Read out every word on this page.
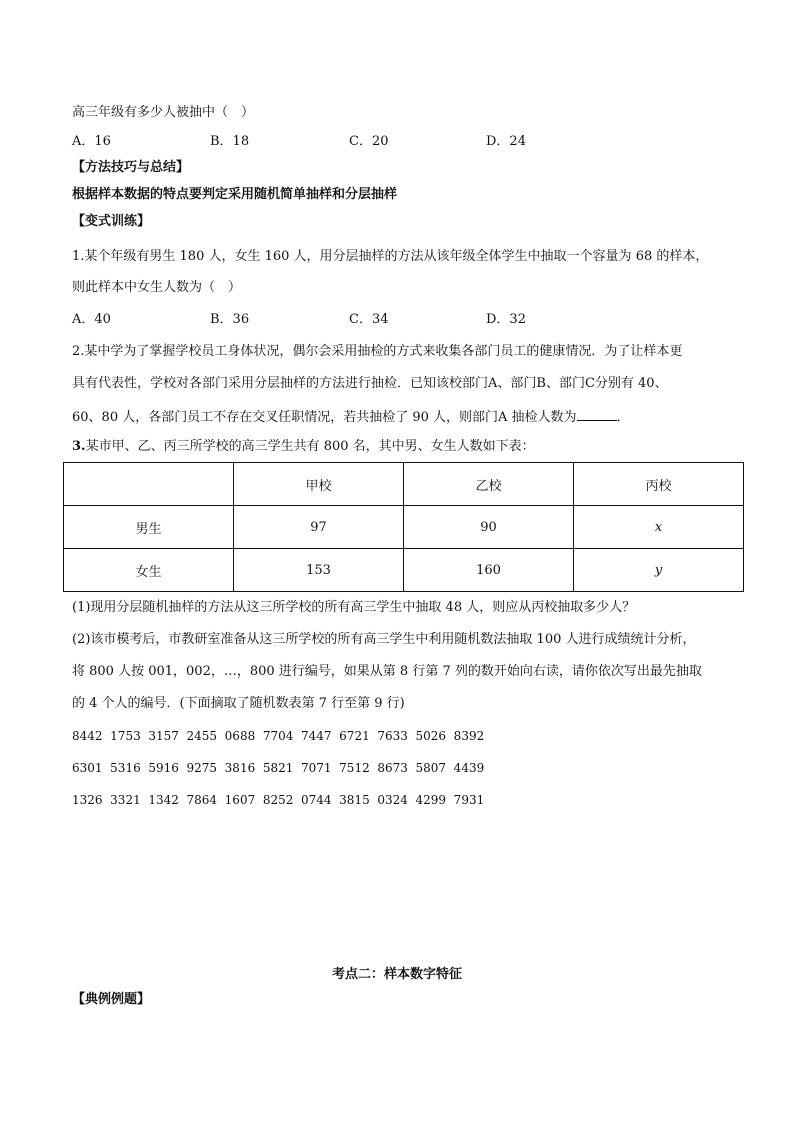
高三年级有多少人被抽中（　）
A．16	B．18	C．20	D．24
【方法技巧与总结】
根据样本数据的特点要判定采用随机简单抽样和分层抽样
【变式训练】
1.某个年级有男生 180 人，女生 160 人，用分层抽样的方法从该年级全体学生中抽取一个容量为 68 的样本，
则此样本中女生人数为（　）
A．40	B．36	C．34	D．32
2.某中学为了掌握学校员工身体状况，偶尔会采用抽检的方式来收集各部门员工的健康情况．为了让样本更
具有代表性，学校对各部门采用分层抽样的方法进行抽检．已知该校部门A、部门B、部门C分别有 40、
60、80 人，各部门员工不存在交叉任职情况，若共抽检了 90 人，则部门A 抽检人数为	．
3.某市甲、乙、丙三所学校的高三学生共有 800 名，其中男、女生人数如下表：
	甲校	乙校	丙校
男生	97	90	x
女生	153	160	y
(1)现用分层随机抽样的方法从这三所学校的所有高三学生中抽取 48 人，则应从丙校抽取多少人？
(2)该市模考后，市教研室准备从这三所学校的所有高三学生中利用随机数法抽取 100 人进行成绩统计分析，
将 800 人按 001，002，…，800 进行编号，如果从第 8 行第 7 列的数开始向右读，请你依次写出最先抽取
的 4 个人的编号．(下面摘取了随机数表第 7 行至第 9 行)
8442  1753  3157  2455  0688  7704  7447  6721  7633  5026  8392
6301  5316  5916  9275  3816  5821  7071  7512  8673  5807  4439
1326  3321  1342  7864  1607  8252  0744  3815  0324  4299  7931
考点二：样本数字特征
【典例例题】
